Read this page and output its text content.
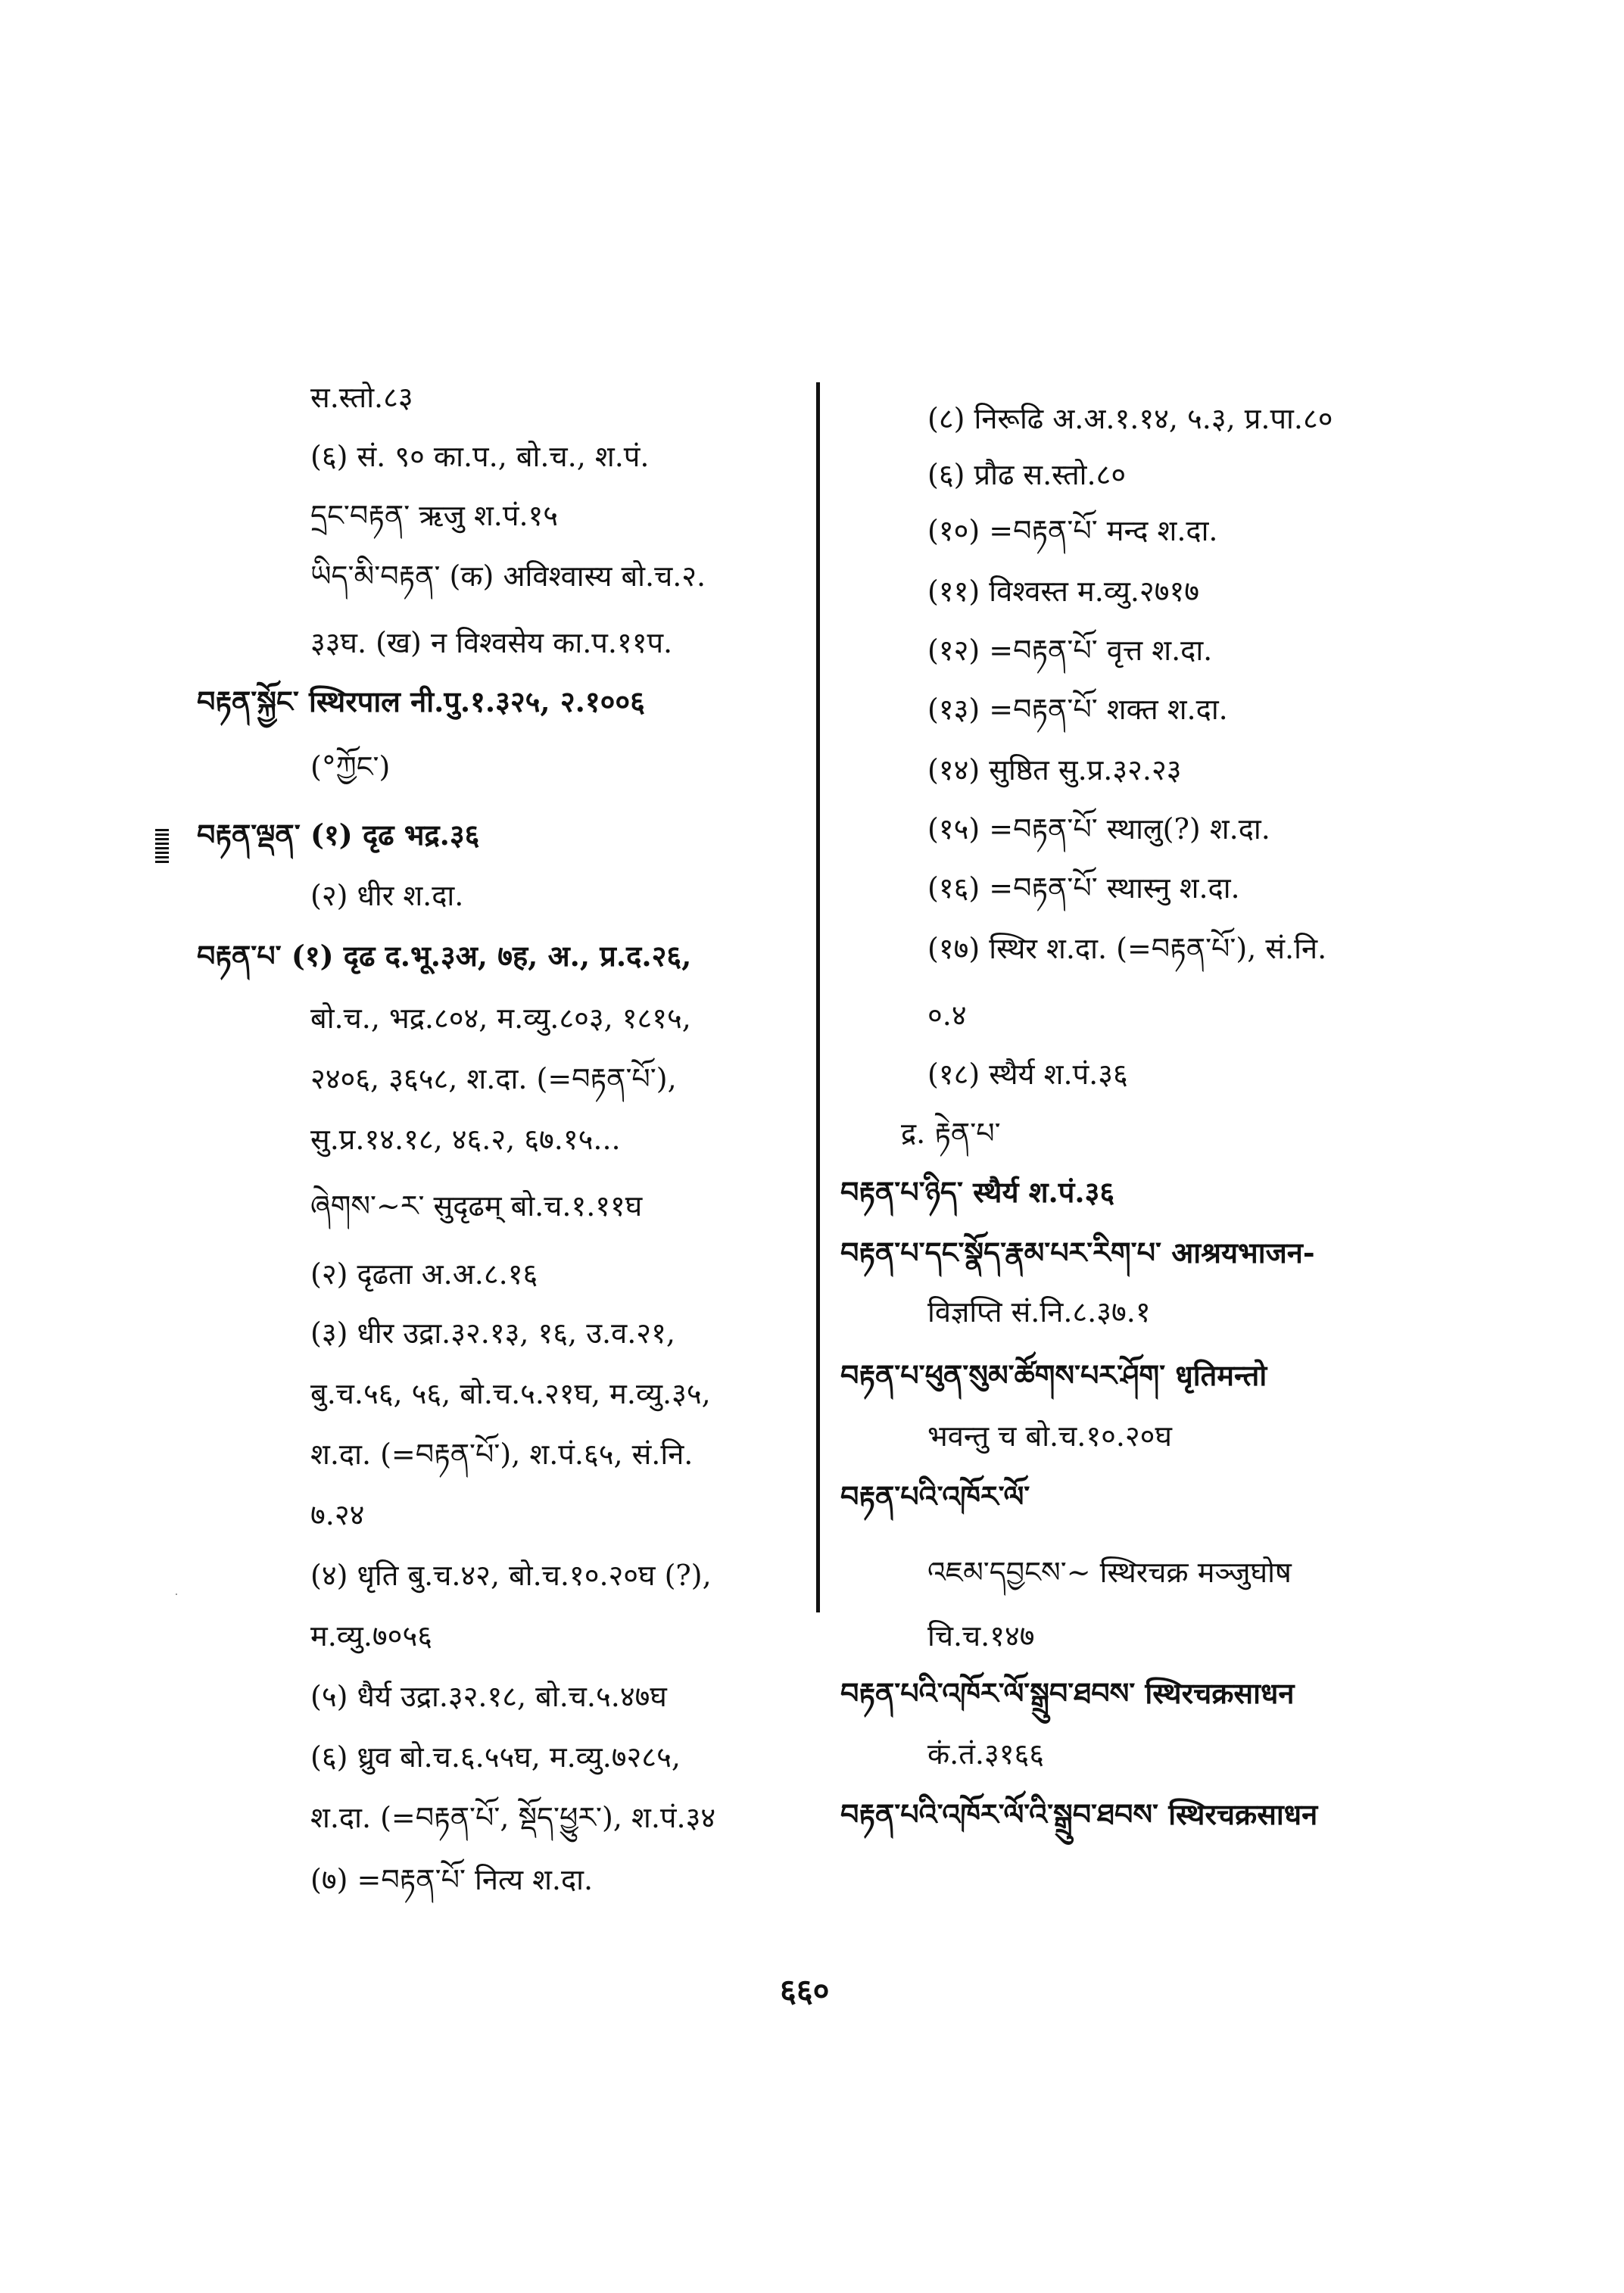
स.स्तो.८३
(६) सं. ९० का.प., बो.च., श.पं.
དྲང་བརྟན་ ऋजु श.पं.१५
ཡིད་མི་བརྟན་ (क) अविश्वास्य बो.च.२.
३३घ. (ख) न विश्वसेय का.प.११प.
བརྟན་སྐྱོང་ स्थिरपाल नी.पु.१.३२५, २.१००६
(°ཀྱོང་)
བརྟན་ལྡན་ (१) दृढ भद्र.३६
(२) धीर श.दा.
བརྟན་པ་ (१) दृढ द.भू.३अ, ७ह, अ., प्र.द.२६,
बो.च., भद्र.८०४, म.व्यु.८०३, १८१५,
२४०६, ३६५८, श.दा. (=བརྟན་པོ་),
सु.प्र.१४.१८, ४६.२, ६७.१५...
ཞེགས་~ར་ सुदृढम् बो.च.१.११घ
(२) दृढता अ.अ.८.१६
(३) धीर उद्रा.३२.१३, १६, उ.व.२१,
बु.च.५६, ५६, बो.च.५.२१घ, म.व्यु.३५,
श.दा. (=བརྟན་པོ་), श.पं.६५, सं.नि.
७.२४
(४) धृति बु.च.४२, बो.च.१०.२०घ (?),
म.व्यु.७०५६
(५) धैर्य उद्रा.३२.१८, बो.च.५.४७घ
(६) ध्रुव बो.च.६.५५घ, म.व्यु.७२८५,
श.दा. (=བརྟན་པོ་, སྡོད་ཕྱུར་), श.पं.३४
(७) =བརྟན་པོ་ नित्य श.दा.
(८) निरूढि अ.अ.१.१४, ५.३, प्र.पा.८०
(६) प्रौढ स.स्तो.८०
(१०) =བརྟན་པོ་ मन्द श.दा.
(११) विश्वस्त म.व्यु.२७१७
(१२) =བརྟན་པོ་ वृत्त श.दा.
(१३) =བརྟན་པོ་ शक्त श.दा.
(१४) सुष्ठित सु.प्र.३२.२३
(१५) =བརྟན་པོ་ स्थालु(?) श.दा.
(१६) =བརྟན་པོ་ स्थास्नु श.दा.
(१७) स्थिर श.दा. (=བརྟན་པོ་), सं.नि.
०.४
(१८) स्थैर्य श.पं.३६
द्र. རྟེན་པ་
བརྟན་པ་ཉིད་ स्थैर्य श.पं.३६
བརྟན་པ་དང་སྣོད་རྣམ་པར་རིག་པ་ आश्रयभाजन-
विज्ञप्ति सं.नि.८.३७.१
བརྟན་པ་ཕུན་སུམ་ཚོགས་པར་ཤོག་ धृतिमन्तो
भवन्तु च बो.च.१०.२०घ
བརྟན་པའི་འཁོར་ལོ་
འཇམ་དབྱངས་~ स्थिरचक्र मञ्जुघोष
चि.च.१४७
བརྟན་པའི་འཁོར་ལོ་སྒྲུབ་ཐབས་ स्थिरचक्रसाधन
कं.तं.३१६६
བརྟན་པའི་འཁོར་ལོ་འི་སྒྲུབ་ཐབས་ स्थिरचक्रसाधन
६६०
